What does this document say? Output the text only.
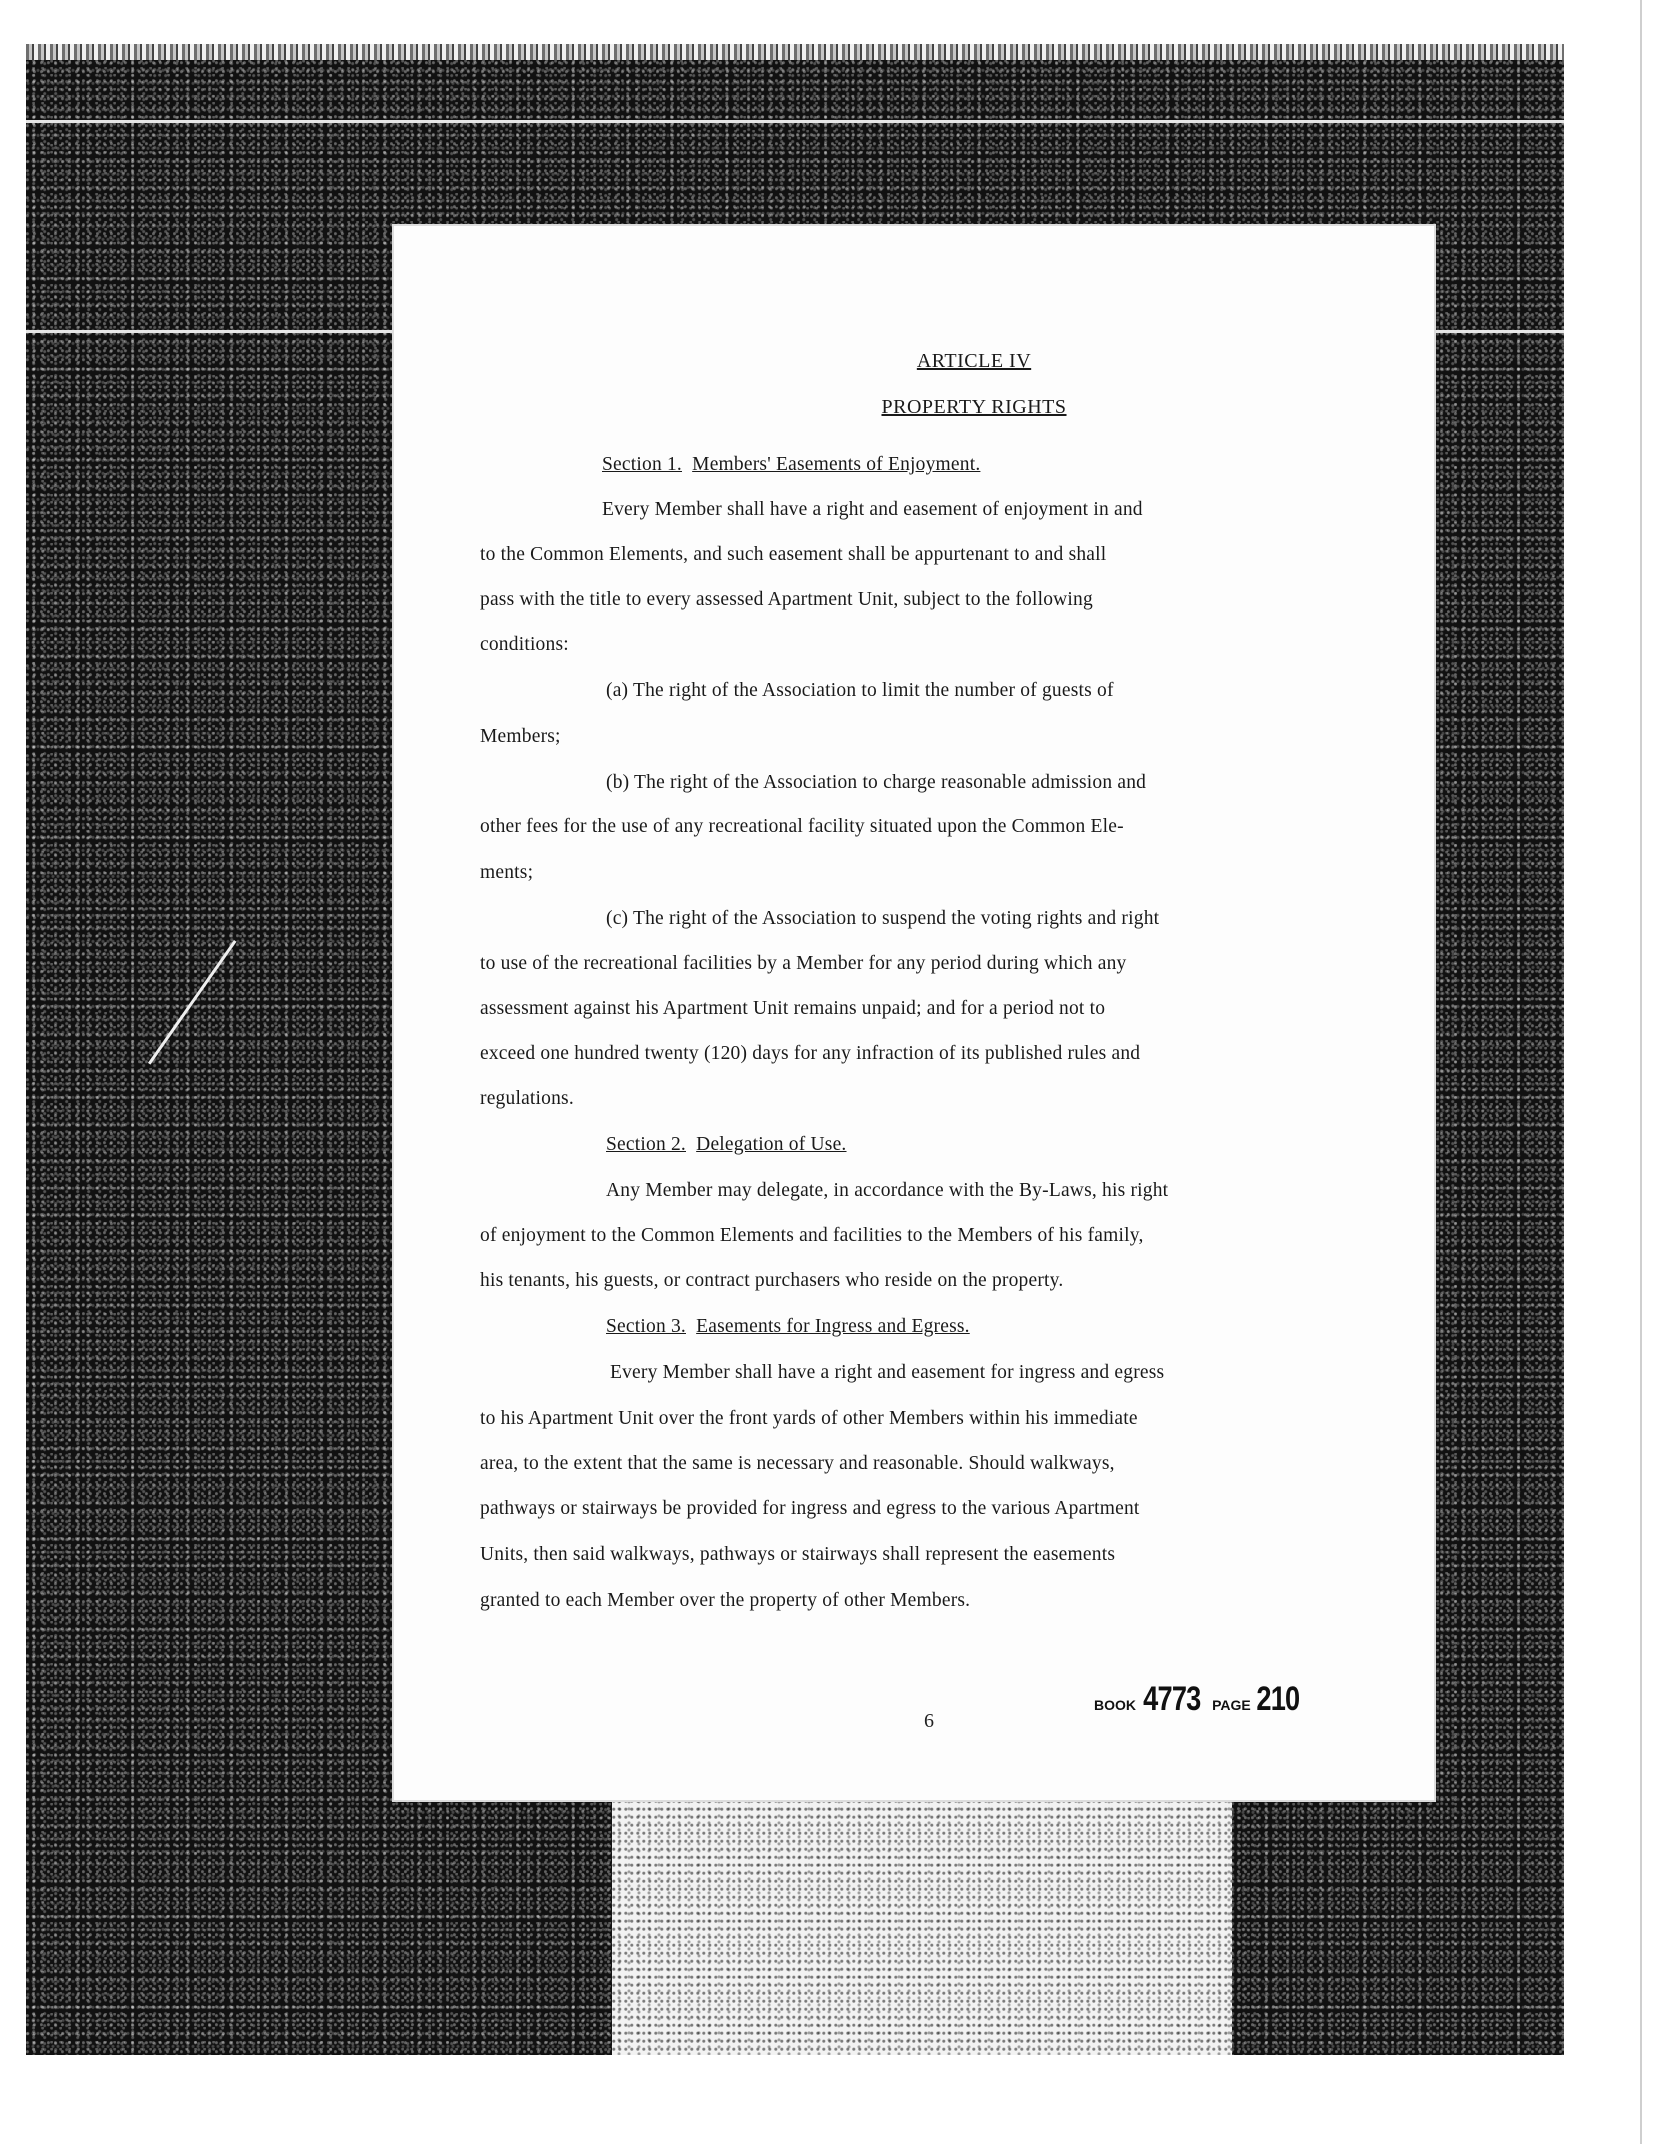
ARTICLE IV
PROPERTY RIGHTS
Section 1. Members' Easements of Enjoyment.
Every Member shall have a right and easement of enjoyment in and
to the Common Elements, and such easement shall be appurtenant to and shall
pass with the title to every assessed Apartment Unit, subject to the following
conditions:
(a) The right of the Association to limit the number of guests of
Members;
(b) The right of the Association to charge reasonable admission and
other fees for the use of any recreational facility situated upon the Common Ele-
ments;
(c) The right of the Association to suspend the voting rights and right
to use of the recreational facilities by a Member for any period during which any
assessment against his Apartment Unit remains unpaid; and for a period not to
exceed one hundred twenty (120) days for any infraction of its published rules and
regulations.
Section 2. Delegation of Use.
Any Member may delegate, in accordance with the By-Laws, his right
of enjoyment to the Common Elements and facilities to the Members of his family,
his tenants, his guests, or contract purchasers who reside on the property.
Section 3. Easements for Ingress and Egress.
Every Member shall have a right and easement for ingress and egress
to his Apartment Unit over the front yards of other Members within his immediate
area, to the extent that the same is necessary and reasonable. Should walkways,
pathways or stairways be provided for ingress and egress to the various Apartment
Units, then said walkways, pathways or stairways shall represent the easements
granted to each Member over the property of other Members.
BOOK 4773 PAGE 210
6
